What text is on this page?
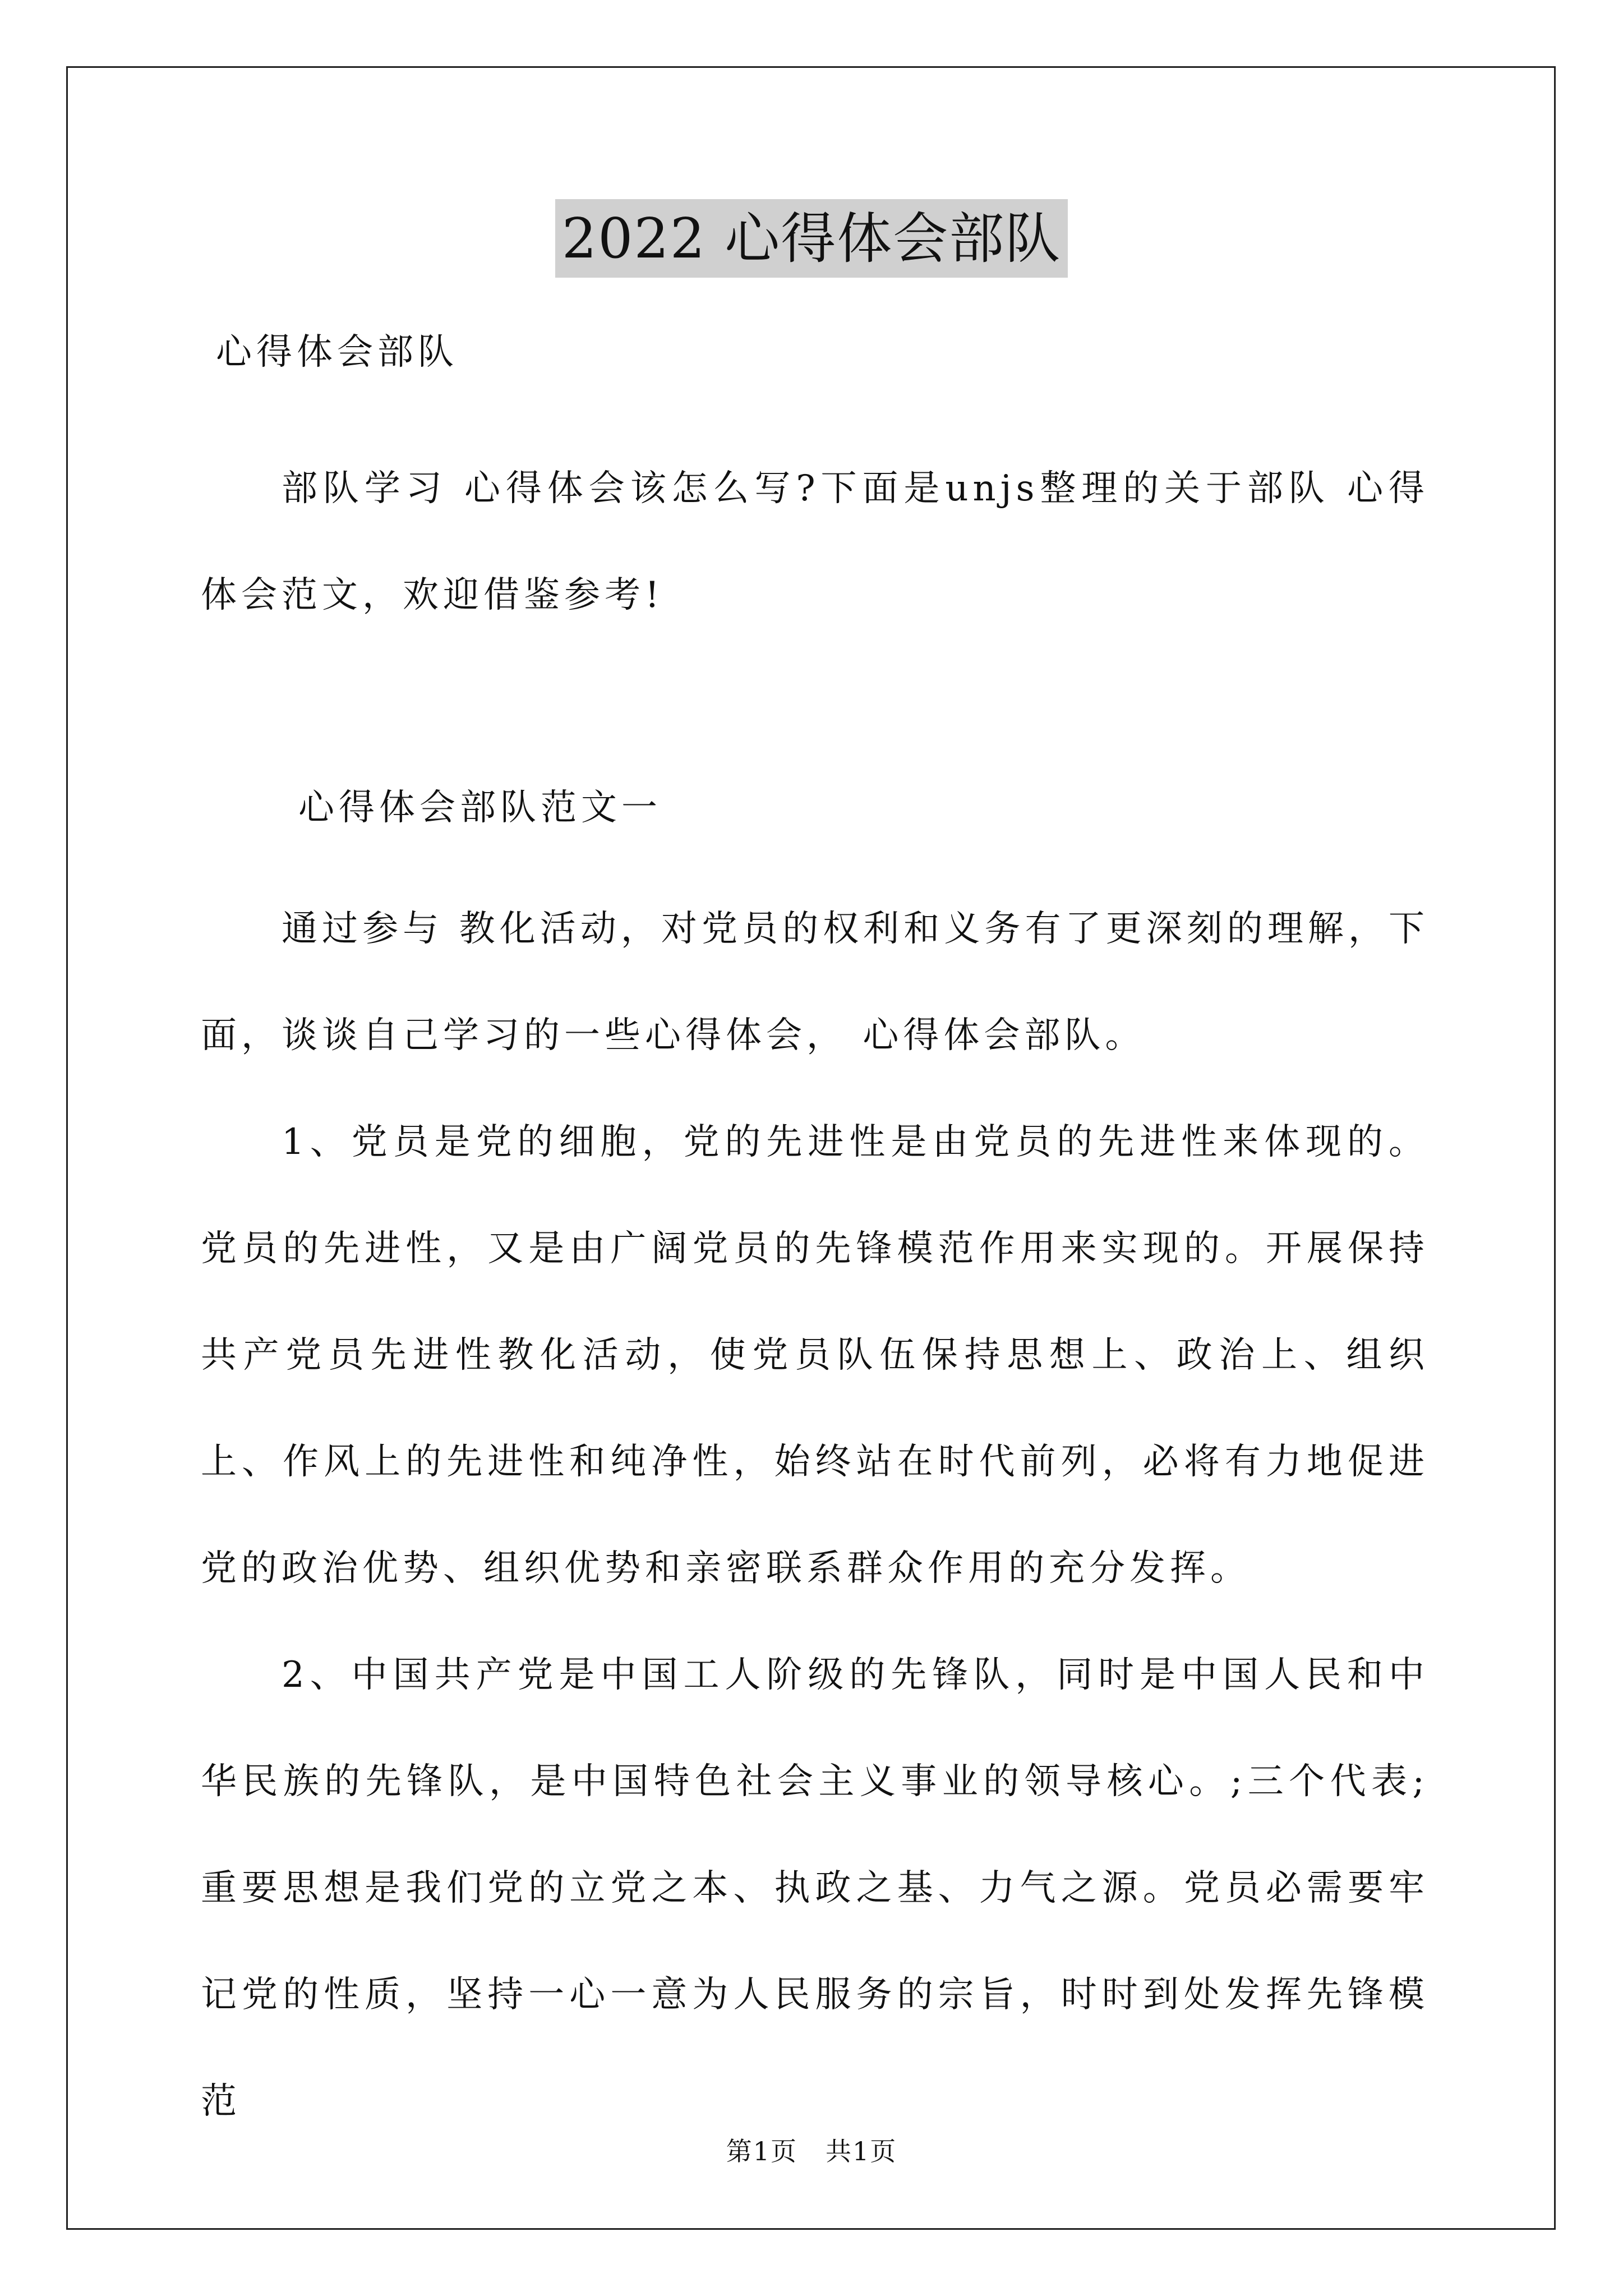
2022 心得体会部队

心得体会部队

部队学习 心得体会该怎么写?下面是unjs整理的关于部队 心得体会范文，欢迎借鉴参考!

心得体会部队范文一

通过参与 教化活动，对党员的权利和义务有了更深刻的理解，下面，谈谈自己学习的一些心得体会， 心得体会部队。

1、党员是党的细胞，党的先进性是由党员的先进性来体现的。党员的先进性，又是由广阔党员的先锋模范作用来实现的。开展保持共产党员先进性教化活动，使党员队伍保持思想上、政治上、组织上、作风上的先进性和纯净性，始终站在时代前列，必将有力地促进党的政治优势、组织优势和亲密联系群众作用的充分发挥。

2、中国共产党是中国工人阶级的先锋队，同时是中国人民和中华民族的先锋队，是中国特色社会主义事业的领导核心。;三个代表;重要思想是我们党的立党之本、执政之基、力气之源。党员必需要牢记党的性质，坚持一心一意为人民服务的宗旨，时时到处发挥先锋模范

第1页 共1页
